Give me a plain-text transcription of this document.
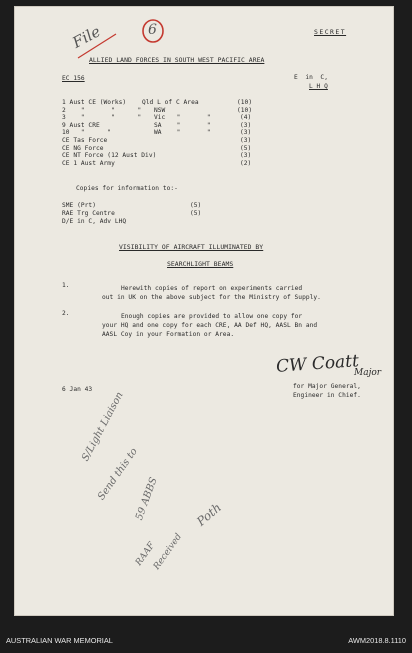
File	6	SECRET
ALLIED LAND FORCES IN SOUTH WEST PACIFIC AREA
EC 156	E  in  C,
L H Q
1 Aust CE (Works)	Qld L of C Area	(10)
2    "       "      " NSW	(10)
3    "       "      " Vic   "       "	(4)
9 Aust CRE	SA    "       "	(3)
10   "      "	WA    "       "	(3)
CE Tas Force	(3)
CE NG Force	(5)
CE NT Force (12 Aust Div)	(3)
CE 1 Aust Army	(2)
Copies for information to:-
SME (Prt)	(5)
RAE Trg Centre	(5)
D/E in C, Adv LHQ
VISIBILITY OF AIRCRAFT ILLUMINATED BY
SEARCHLIGHT BEAMS
1.	Herewith copies of report on experiments carried
out in UK on the above subject for the Ministry of Supply.
2.	Enough copies are provided to allow one copy for
your HQ and one copy for each CRE, AA Def HQ, AASL Bn and
AASL Coy in your Formation or Area.
CW Coatt
Major
6 Jan 43	for Major General,
Engineer in Chief.
S/Light Liaison
Send this to
59 ABBS
RAAF
Received
Poth
AUSTRALIAN WAR MEMORIAL	AWM2018.8.1110
